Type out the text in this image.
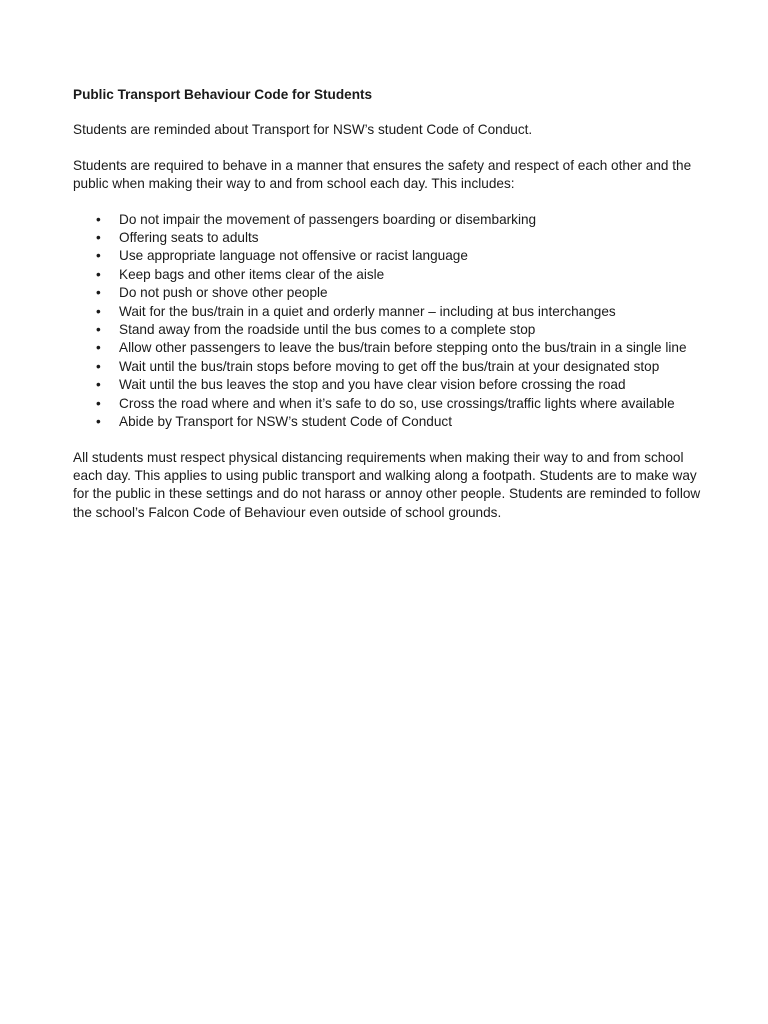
Public Transport Behaviour Code for Students

Students are reminded about Transport for NSW’s student Code of Conduct.

Students are required to behave in a manner that ensures the safety and respect of each other and the public when making their way to and from school each day. This includes:

• Do not impair the movement of passengers boarding or disembarking
• Offering seats to adults
• Use appropriate language not offensive or racist language
• Keep bags and other items clear of the aisle
• Do not push or shove other people
• Wait for the bus/train in a quiet and orderly manner – including at bus interchanges
• Stand away from the roadside until the bus comes to a complete stop
• Allow other passengers to leave the bus/train before stepping onto the bus/train in a single line
• Wait until the bus/train stops before moving to get off the bus/train at your designated stop
• Wait until the bus leaves the stop and you have clear vision before crossing the road
• Cross the road where and when it’s safe to do so, use crossings/traffic lights where available
• Abide by Transport for NSW’s student Code of Conduct

All students must respect physical distancing requirements when making their way to and from school each day. This applies to using public transport and walking along a footpath. Students are to make way for the public in these settings and do not harass or annoy other people. Students are reminded to follow the school’s Falcon Code of Behaviour even outside of school grounds.
